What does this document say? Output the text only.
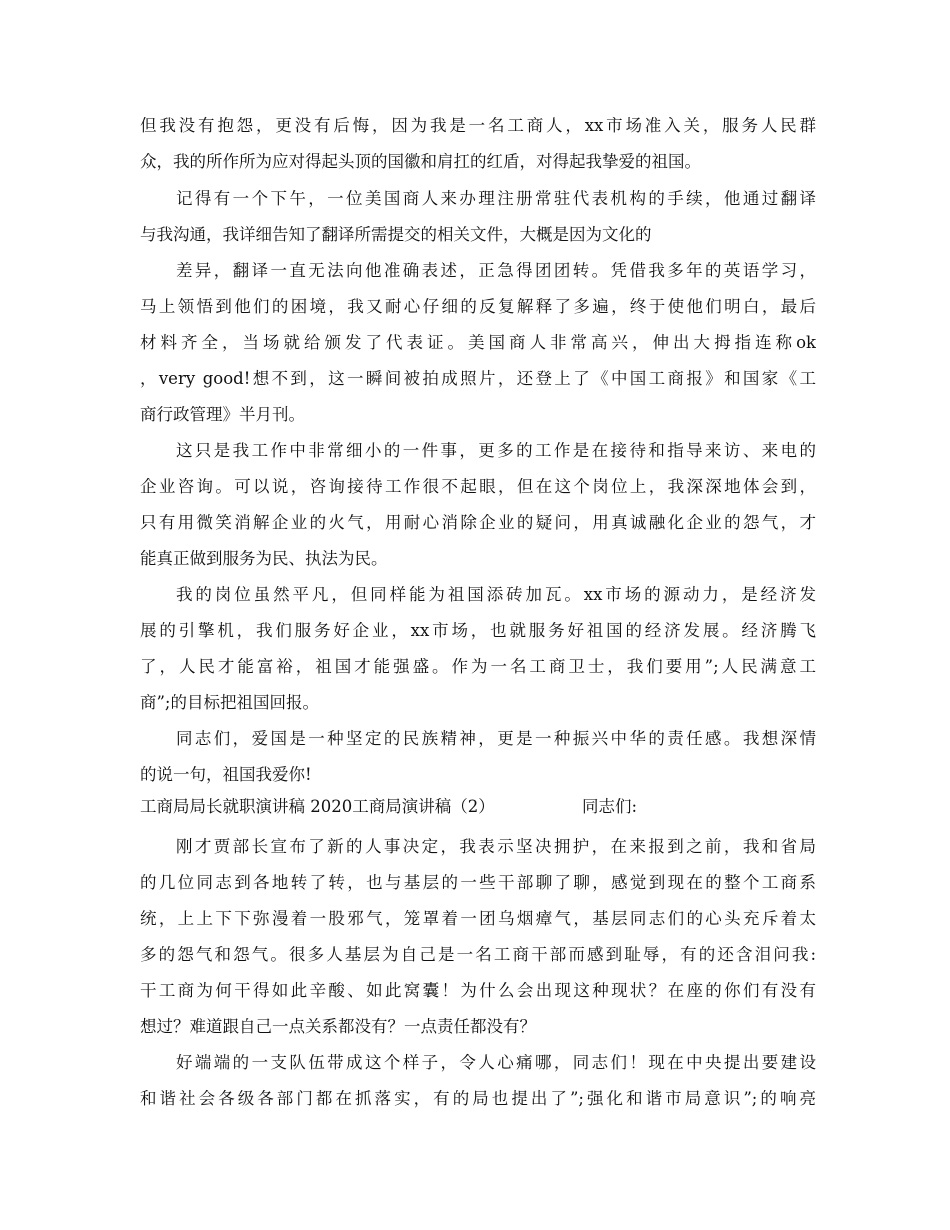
但我没有抱怨，更没有后悔，因为我是一名工商人，xx市场准入关，服务人民群
众，我的所作所为应对得起头顶的国徽和肩扛的红盾，对得起我挚爱的祖国。
记得有一个下午，一位美国商人来办理注册常驻代表机构的手续，他通过翻译
与我沟通，我详细告知了翻译所需提交的相关文件，大概是因为文化的
差异，翻译一直无法向他准确表述，正急得团团转。凭借我多年的英语学习，
马上领悟到他们的困境，我又耐心仔细的反复解释了多遍，终于使他们明白，最后
材料齐全，当场就给颁发了代表证。美国商人非常高兴，伸出大拇指连称ok
，very good!想不到，这一瞬间被拍成照片，还登上了《中国工商报》和国家《工
商行政管理》半月刊。
这只是我工作中非常细小的一件事，更多的工作是在接待和指导来访、来电的
企业咨询。可以说，咨询接待工作很不起眼，但在这个岗位上，我深深地体会到，
只有用微笑消解企业的火气，用耐心消除企业的疑问，用真诚融化企业的怨气，才
能真正做到服务为民、执法为民。
我的岗位虽然平凡，但同样能为祖国添砖加瓦。xx市场的源动力，是经济发
展的引擎机，我们服务好企业，xx市场，也就服务好祖国的经济发展。经济腾飞
了，人民才能富裕，祖国才能强盛。作为一名工商卫士，我们要用”;人民满意工
商”;的目标把祖国回报。
同志们，爱国是一种坚定的民族精神，更是一种振兴中华的责任感。我想深情
的说一句，祖国我爱你!
工商局局长就职演讲稿 2020工商局演讲稿（2）	同志们:
刚才贾部长宣布了新的人事决定，我表示坚决拥护，在来报到之前，我和省局
的几位同志到各地转了转，也与基层的一些干部聊了聊，感觉到现在的整个工商系
统，上上下下弥漫着一股邪气，笼罩着一团乌烟瘴气，基层同志们的心头充斥着太
多的怨气和怨气。很多人基层为自己是一名工商干部而感到耻辱，有的还含泪问我:
干工商为何干得如此辛酸、如此窝囊！为什么会出现这种现状？在座的你们有没有
想过？难道跟自己一点关系都没有？一点责任都没有？
好端端的一支队伍带成这个样子，令人心痛哪，同志们！现在中央提出要建设
和谐社会各级各部门都在抓落实，有的局也提出了”;强化和谐市局意识”;的响亮
